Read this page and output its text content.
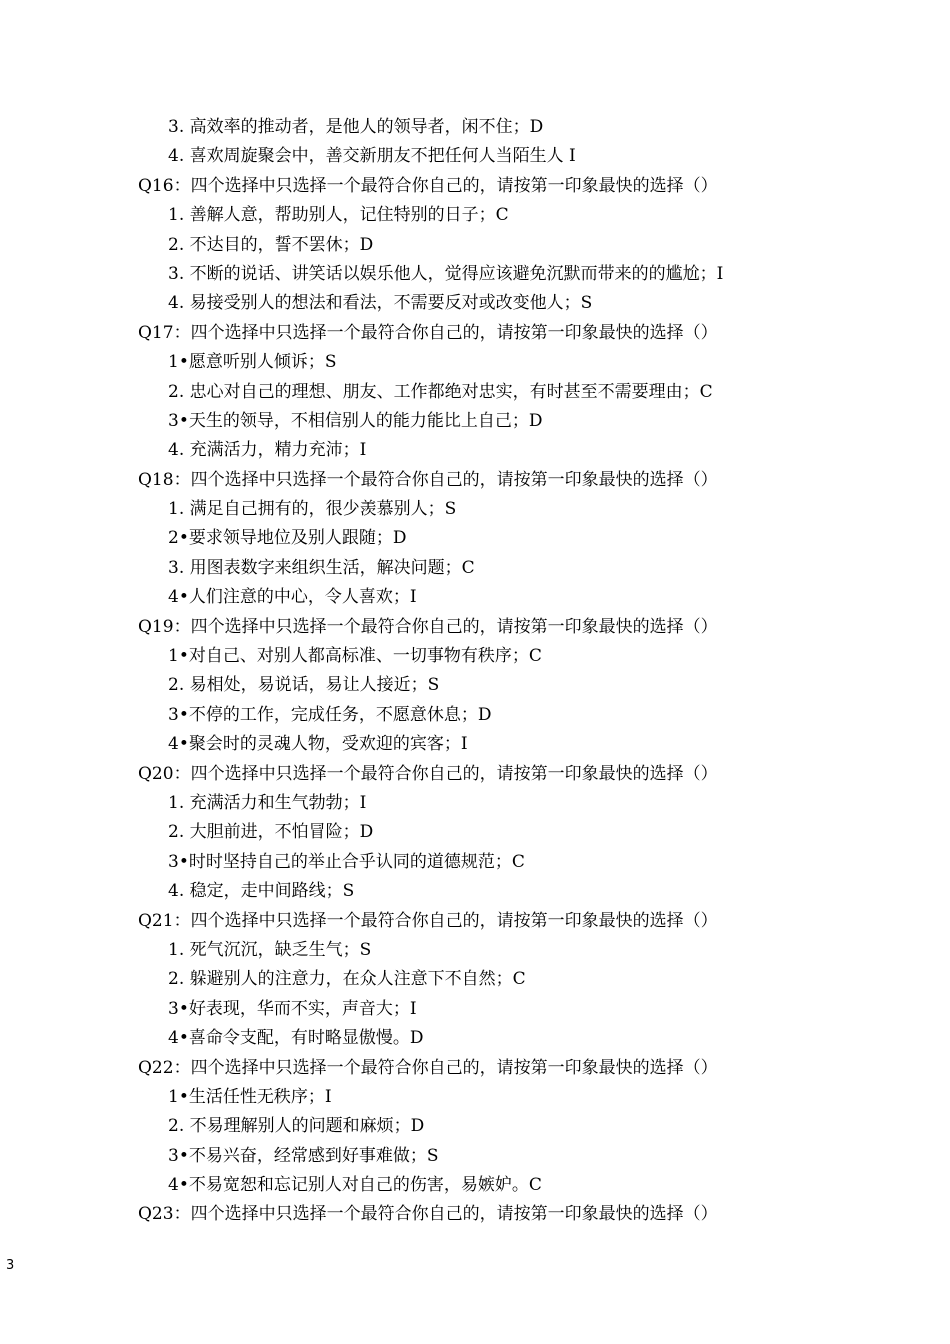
3. 高效率的推动者，是他人的领导者，闲不住；D
4. 喜欢周旋聚会中，善交新朋友不把任何人当陌生人 I
Q16：四个选择中只选择一个最符合你自己的，请按第一印象最快的选择（）
1. 善解人意，帮助别人，记住特别的日子；C
2. 不达目的，誓不罢休；D
3. 不断的说话、讲笑话以娱乐他人，觉得应该避免沉默而带来的的尴尬；I
4. 易接受别人的想法和看法，不需要反对或改变他人；S
Q17：四个选择中只选择一个最符合你自己的，请按第一印象最快的选择（）
1•愿意听别人倾诉；S
2. 忠心对自己的理想、朋友、工作都绝对忠实，有时甚至不需要理由；C
3•天生的领导，不相信别人的能力能比上自己；D
4. 充满活力，精力充沛；I
Q18：四个选择中只选择一个最符合你自己的，请按第一印象最快的选择（）
1. 满足自己拥有的，很少羡慕别人；S
2•要求领导地位及别人跟随；D
3. 用图表数字来组织生活，解决问题；C
4•人们注意的中心，令人喜欢；I
Q19：四个选择中只选择一个最符合你自己的，请按第一印象最快的选择（）
1•对自己、对别人都高标准、一切事物有秩序；C
2. 易相处，易说话，易让人接近；S
3•不停的工作，完成任务，不愿意休息；D
4•聚会时的灵魂人物，受欢迎的宾客；I
Q20：四个选择中只选择一个最符合你自己的，请按第一印象最快的选择（）
1. 充满活力和生气勃勃；I
2. 大胆前进，不怕冒险；D
3•时时坚持自己的举止合乎认同的道德规范；C
4. 稳定，走中间路线；S
Q21：四个选择中只选择一个最符合你自己的，请按第一印象最快的选择（）
1. 死气沉沉，缺乏生气；S
2. 躲避别人的注意力，在众人注意下不自然；C
3•好表现，华而不实，声音大；I
4•喜命令支配，有时略显傲慢。D
Q22：四个选择中只选择一个最符合你自己的，请按第一印象最快的选择（）
1•生活任性无秩序；I
2. 不易理解别人的问题和麻烦；D
3•不易兴奋，经常感到好事难做；S
4•不易宽恕和忘记别人对自己的伤害，易嫉妒。C
Q23：四个选择中只选择一个最符合你自己的，请按第一印象最快的选择（）
3
